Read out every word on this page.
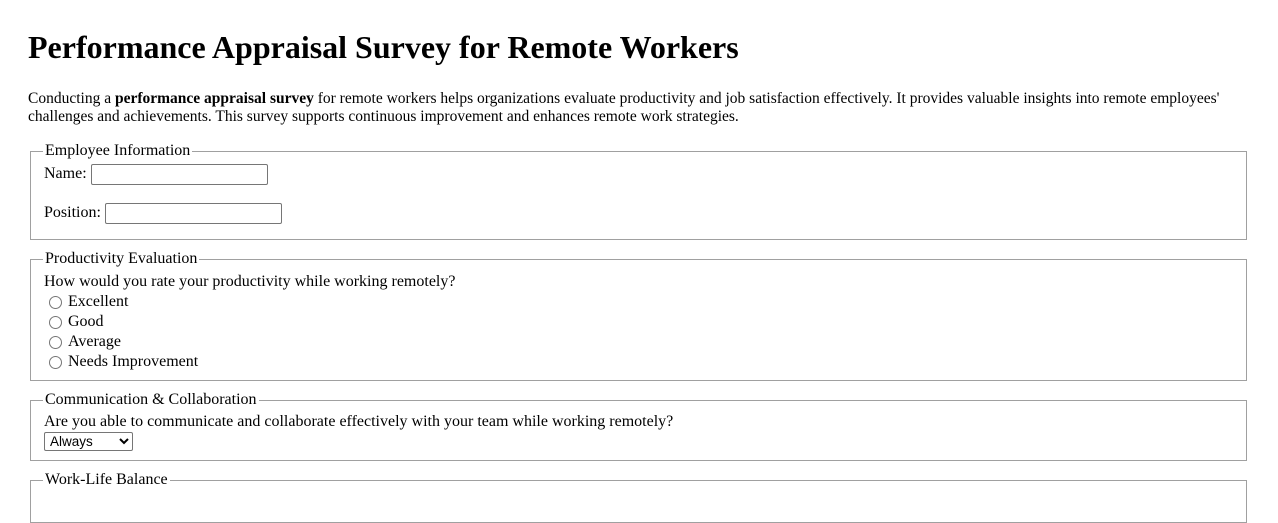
Performance Appraisal Survey for Remote Workers

Conducting a performance appraisal survey for remote workers helps organizations evaluate productivity and job satisfaction effectively. It provides valuable insights into remote employees' challenges and achievements. This survey supports continuous improvement and enhances remote work strategies.

Employee Information
Name:
Position:
Productivity Evaluation
How would you rate your productivity while working remotely?
Excellent
Good
Average
Needs Improvement
Communication & Collaboration
Are you able to communicate and collaborate effectively with your team while working remotely?
Always
Work-Life Balance
